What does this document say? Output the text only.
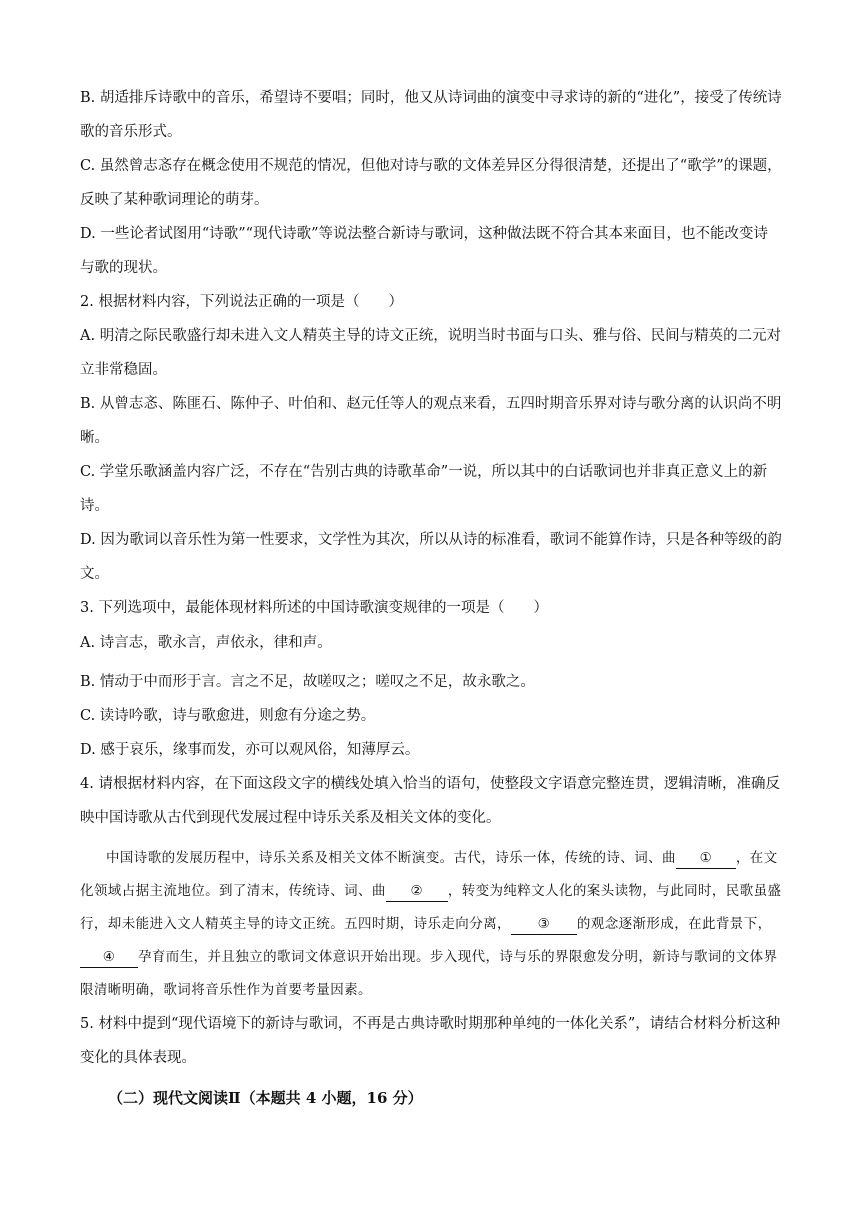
B. 胡适排斥诗歌中的音乐，希望诗不要唱；同时，他又从诗词曲的演变中寻求诗的新的“进化”，接受了传统诗歌的音乐形式。

C. 虽然曾志忞存在概念使用不规范的情况，但他对诗与歌的文体差异区分得很清楚，还提出了“歌学”的课题，反映了某种歌词理论的萌芽。

D. 一些论者试图用“诗歌”“现代诗歌”等说法整合新诗与歌词，这种做法既不符合其本来面目，也不能改变诗与歌的现状。

2. 根据材料内容，下列说法正确的一项是（　　）

A. 明清之际民歌盛行却未进入文人精英主导的诗文正统，说明当时书面与口头、雅与俗、民间与精英的二元对立非常稳固。

B. 从曾志忞、陈匪石、陈仲子、叶伯和、赵元任等人的观点来看，五四时期音乐界对诗与歌分离的认识尚不明晰。

C. 学堂乐歌涵盖内容广泛，不存在“告别古典的诗歌革命”一说，所以其中的白话歌词也并非真正意义上的新诗。

D. 因为歌词以音乐性为第一性要求，文学性为其次，所以从诗的标准看，歌词不能算作诗，只是各种等级的韵文。

3. 下列选项中，最能体现材料所述的中国诗歌演变规律的一项是（　　）

A. 诗言志，歌永言，声依永，律和声。

B. 情动于中而形于言。言之不足，故嗟叹之；嗟叹之不足，故永歌之。

C. 读诗吟歌，诗与歌愈进，则愈有分途之势。

D. 感于哀乐，缘事而发，亦可以观风俗，知薄厚云。

4. 请根据材料内容，在下面这段文字的横线处填入恰当的语句，使整段文字语意完整连贯，逻辑清晰，准确反映中国诗歌从古代到现代发展过程中诗乐关系及相关文体的变化。

中国诗歌的发展历程中，诗乐关系及相关文体不断演变。古代，诗乐一体，传统的诗、词、曲 ① ，在文化领域占据主流地位。到了清末，传统诗、词、曲 ② ，转变为纯粹文人化的案头读物，与此同时，民歌虽盛行，却未能进入文人精英主导的诗文正统。五四时期，诗乐走向分离， ③ 的观念逐渐形成，在此背景下，④ 孕育而生，并且独立的歌词文体意识开始出现。步入现代，诗与乐的界限愈发分明，新诗与歌词的文体界限清晰明确，歌词将音乐性作为首要考量因素。

5. 材料中提到“现代语境下的新诗与歌词，不再是古典诗歌时期那种单纯的一体化关系”，请结合材料分析这种变化的具体表现。

（二）现代文阅读Ⅱ（本题共 4 小题，16 分）
